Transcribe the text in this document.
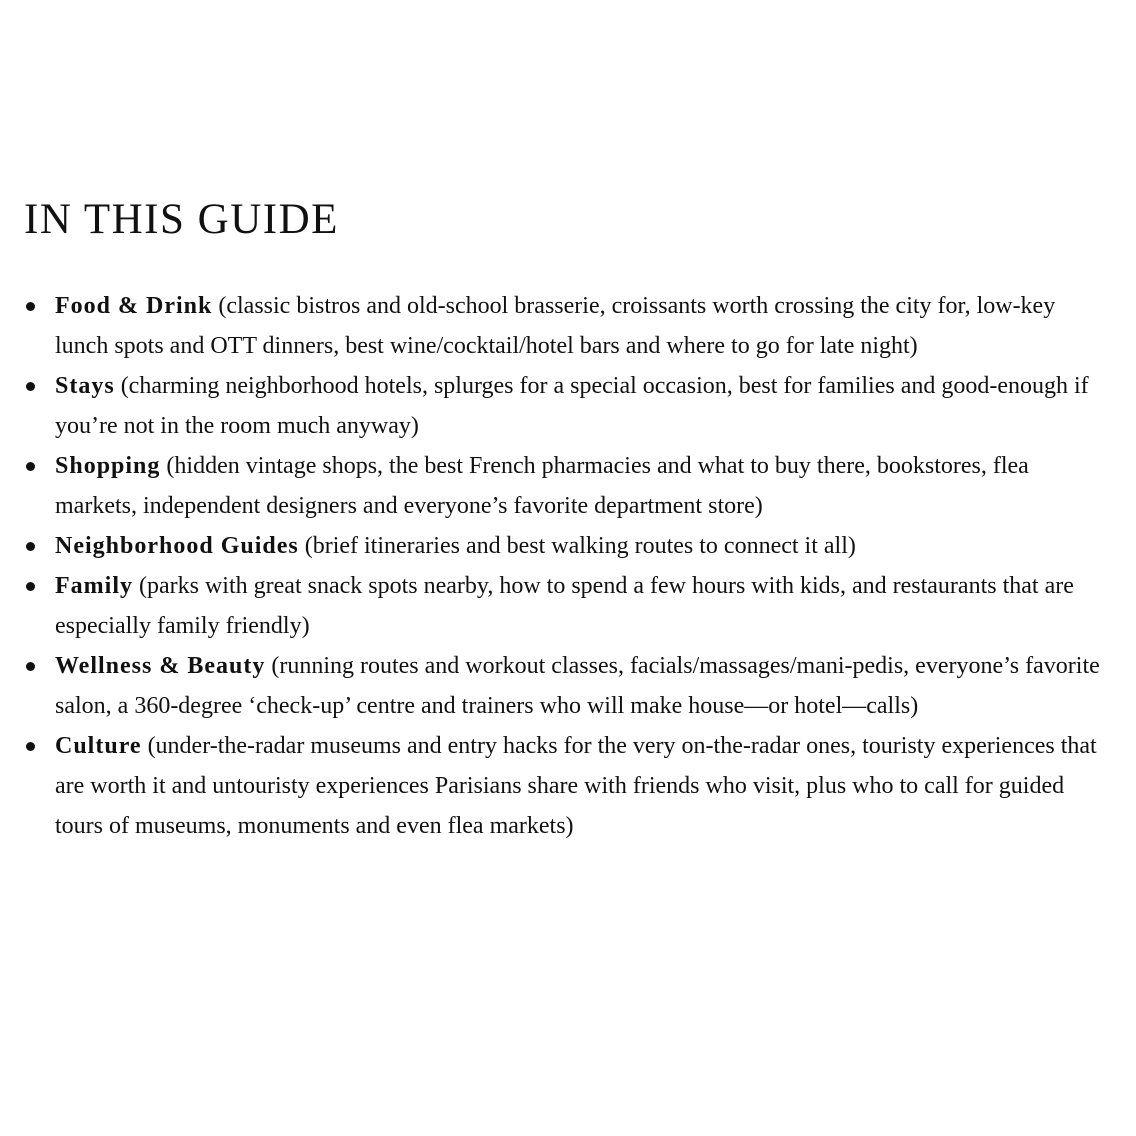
IN THIS GUIDE
Food & Drink (classic bistros and old-school brasserie, croissants worth crossing the city for, low-key lunch spots and OTT dinners, best wine/cocktail/hotel bars and where to go for late night)
Stays (charming neighborhood hotels, splurges for a special occasion, best for families and good-enough if you’re not in the room much anyway)
Shopping (hidden vintage shops, the best French pharmacies and what to buy there, bookstores, flea markets, independent designers and everyone’s favorite department store)
Neighborhood Guides (brief itineraries and best walking routes to connect it all)
Family (parks with great snack spots nearby, how to spend a few hours with kids, and restaurants that are especially family friendly)
Wellness & Beauty (running routes and workout classes, facials/massages/mani-pedis, everyone’s favorite salon, a 360-degree ‘check-up’ centre and trainers who will make house—or hotel—calls)
Culture (under-the-radar museums and entry hacks for the very on-the-radar ones, touristy experiences that are worth it and untouristy experiences Parisians share with friends who visit, plus who to call for guided tours of museums, monuments and even flea markets)
